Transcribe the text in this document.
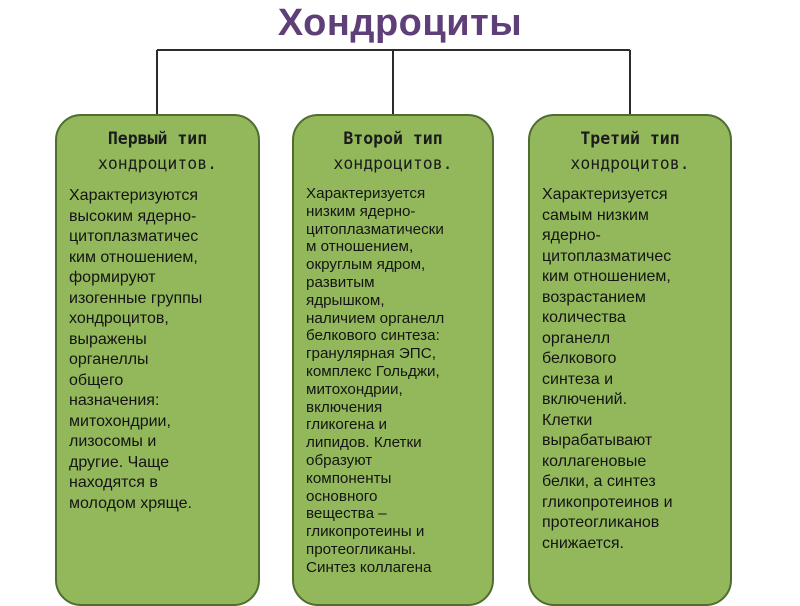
Хондроциты
Первый тип
хондроцитов.
Характеризуются
высоким ядерно-
цитоплазматичес
ким отношением,
формируют
изогенные группы
хондроцитов,
выражены
органеллы
общего
назначения:
митохондрии,
лизосомы и
другие. Чаще
находятся в
молодом хряще.
Второй тип
хондроцитов.
Характеризуется
низким ядерно-
цитоплазматически
м отношением,
округлым ядром,
развитым
ядрышком,
наличием органелл
белкового синтеза:
гранулярная ЭПС,
комплекс Гольджи,
митохондрии,
включения
гликогена и
липидов. Клетки
образуют
компоненты
основного
вещества –
гликопротеины и
протеогликаны.
Синтез коллагена
Третий тип
хондроцитов.
Характеризуется
самым низким
ядерно-
цитоплазматичес
ким отношением,
возрастанием
количества
органелл
белкового
синтеза и
включений.
Клетки
вырабатывают
коллагеновые
белки, а синтез
гликопротеинов и
протеогликанов
снижается.
